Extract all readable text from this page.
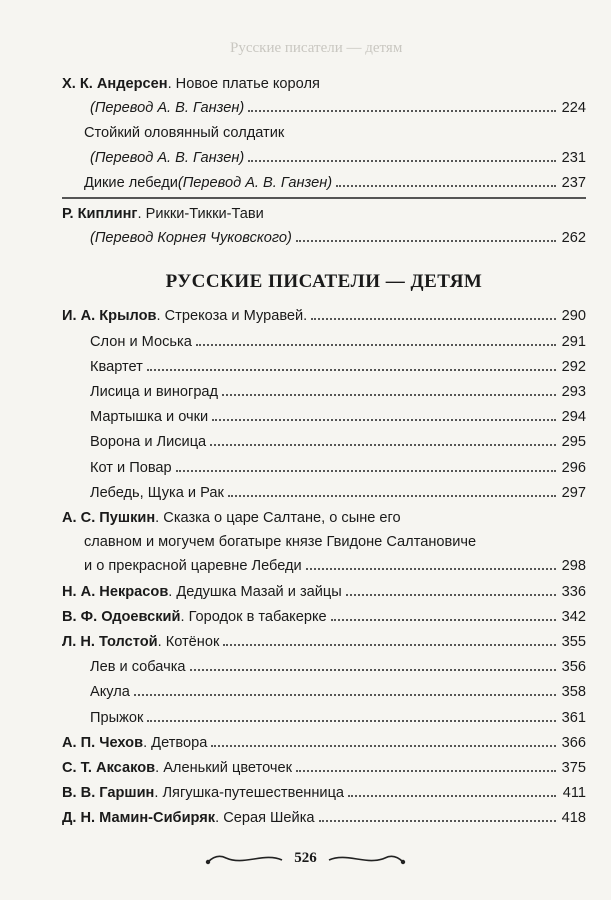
Русские писатели — детям
Х. К. Андерсен . Новое платье короля
(Перевод А. В. Ганзен)	224
Стойкий оловянный солдатик
(Перевод А. В. Ганзен)	231
Дикие лебеди (Перевод А. В. Ганзен)	237
Р. Киплинг . Рикки-Тикки-Тави
(Перевод Корнея Чуковского)	262
РУССКИЕ ПИСАТЕЛИ — ДЕТЯМ
И. А. Крылов . Стрекоза и Муравей.	290
Слон и Моська	291
Квартет	292
Лисица и виноград	293
Мартышка и очки	294
Ворона и Лисица	295
Кот и Повар	296
Лебедь, Щука и Рак	297
А. С. Пушкин . Сказка о царе Салтане, о сыне его
славном и могучем богатыре князе Гвидоне Салтановиче
и о прекрасной царевне Лебеди	298
Н. А. Некрасов . Дедушка Мазай и зайцы	336
В. Ф. Одоевский . Городок в табакерке	342
Л. Н. Толстой . Котёнок	355
Лев и собачка	356
Акула	358
Прыжок	361
А. П. Чехов . Детвора	366
С. Т. Аксаков . Аленький цветочек	375
В. В. Гаршин . Лягушка-путешественница	411
Д. Н. Мамин-Сибиряк . Серая Шейка	418
526
